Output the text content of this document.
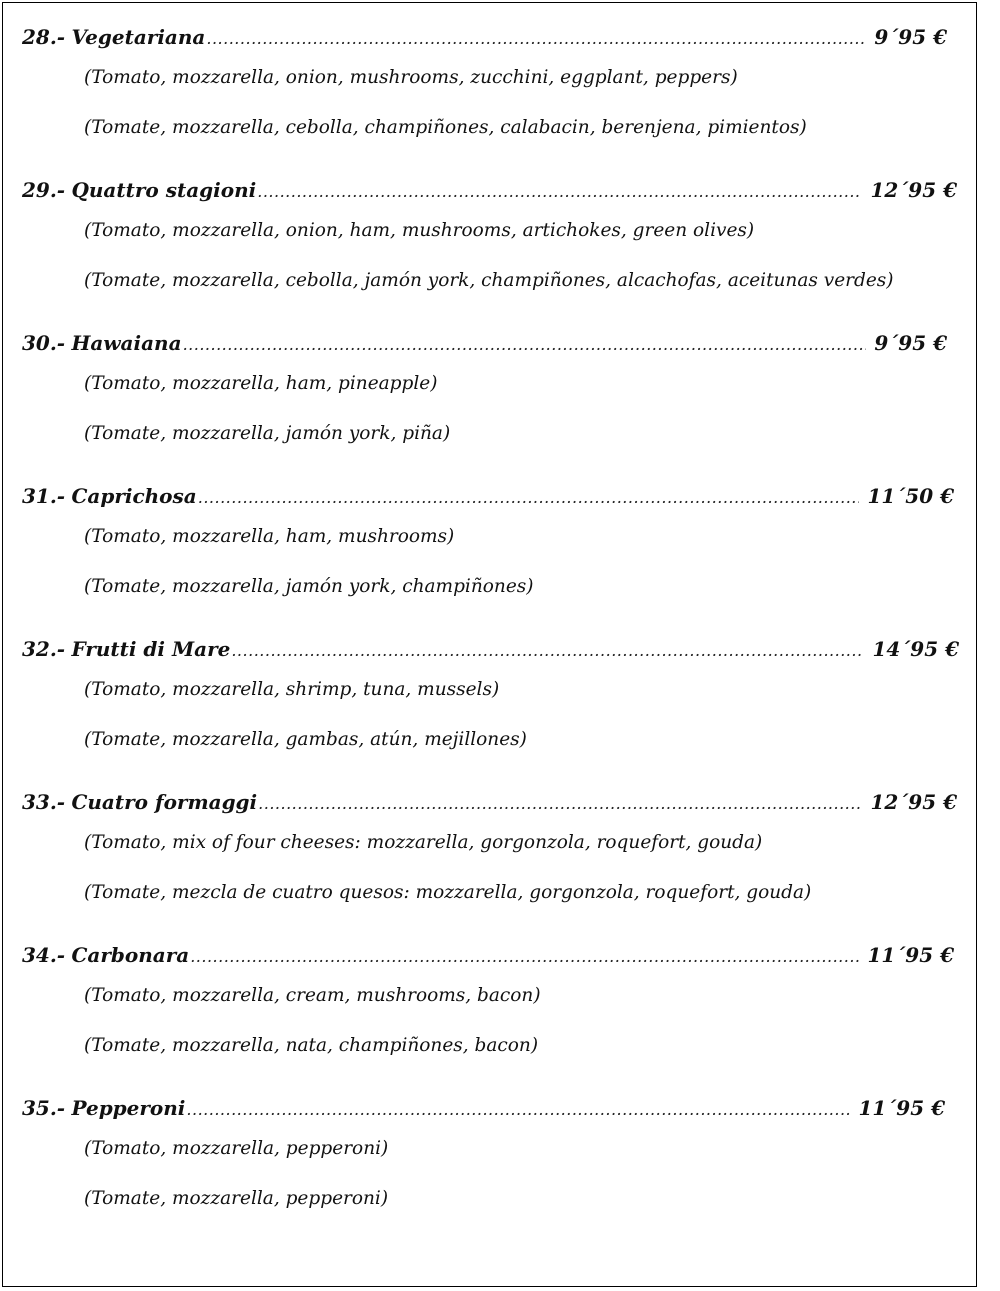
28.-
Vegetariana .....	9´95 €
(Tomato, mozzarella, onion, mushrooms, zucchini, eggplant, peppers)
(Tomate, mozzarella, cebolla, champiñones, calabacin, berenjena, pimientos)
29.-
Quattro stagioni .....	12´95 €
(Tomato, mozzarella, onion, ham, mushrooms, artichokes, green olives)
(Tomate, mozzarella, cebolla, jamón york, champiñones, alcachofas, aceitunas verdes)
30.-
Hawaiana .....	9´95 €
(Tomato, mozzarella, ham, pineapple)
(Tomate, mozzarella, jamón york, piña)
31.-
Caprichosa .....	11´50 €
(Tomato, mozzarella, ham, mushrooms)
(Tomate, mozzarella, jamón york, champiñones)
32.-
Frutti di Mare .....	14´95 €
(Tomato, mozzarella, shrimp, tuna, mussels)
(Tomate, mozzarella, gambas, atún, mejillones)
33.-
Cuatro formaggi .....	12´95 €
(Tomato, mix of four cheeses: mozzarella, gorgonzola, roquefort, gouda)
(Tomate, mezcla de cuatro quesos: mozzarella, gorgonzola, roquefort, gouda)
34.-
Carbonara .....	11´95 €
(Tomato, mozzarella, cream, mushrooms, bacon)
(Tomate, mozzarella, nata, champiñones, bacon)
35.-
Pepperoni .....	11´95 €
(Tomato, mozzarella, pepperoni)
(Tomate, mozzarella, pepperoni)
